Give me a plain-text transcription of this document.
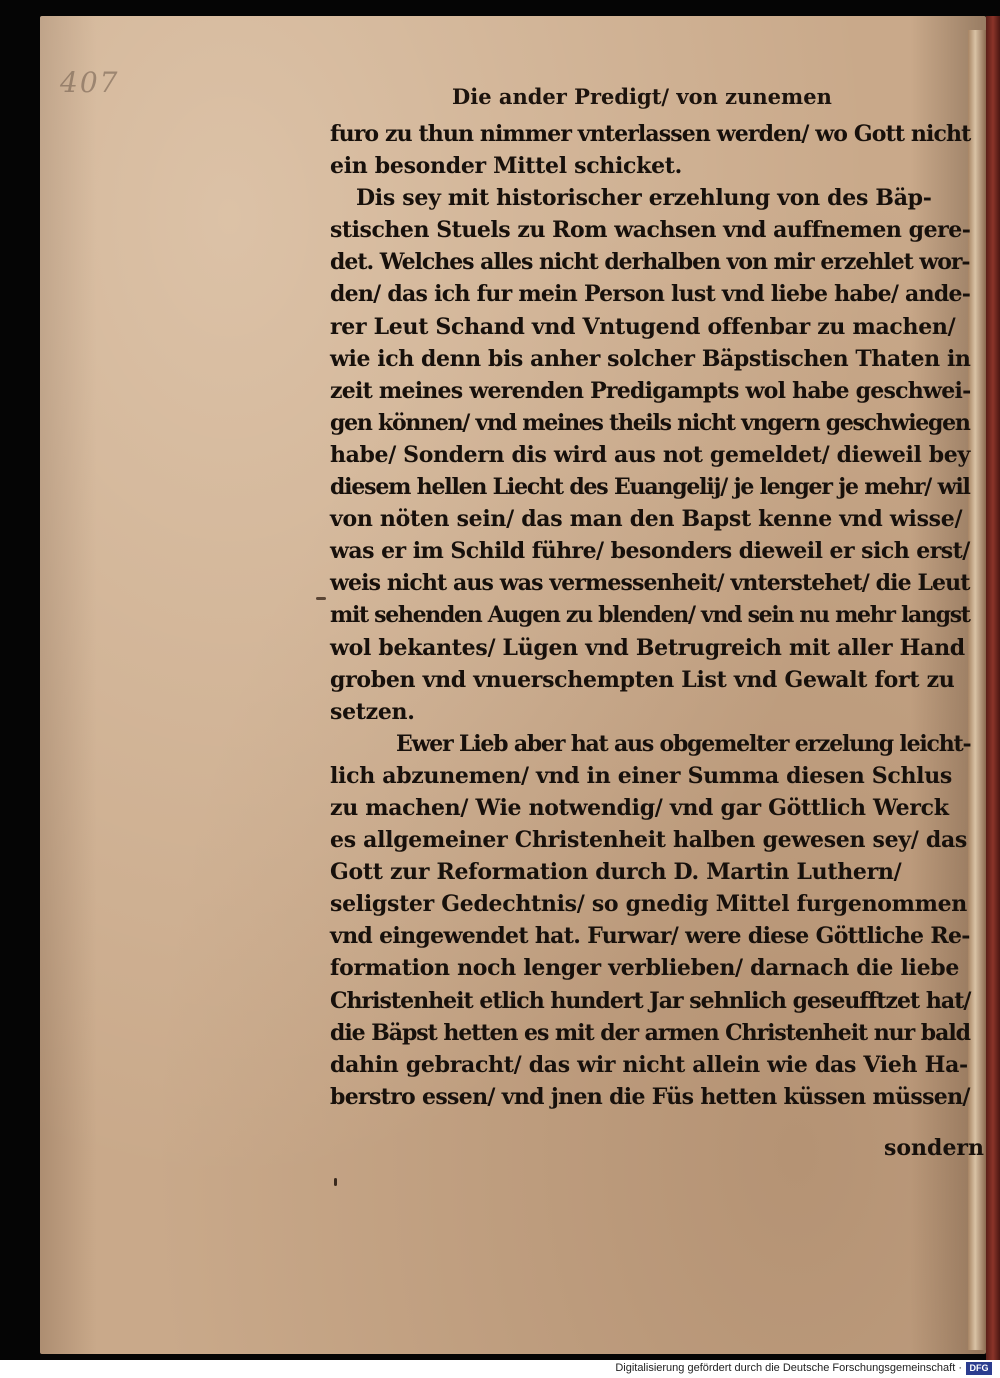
407	Die ander Predigt/ von zunemen
furo zu thun nimmer vnterlassen werden/ wo Gott nicht
ein besonder Mittel schicket.
Dis sey mit historischer erzehlung von des Bäp-
stischen Stuels zu Rom wachsen vnd auffnemen gere-
det. Welches alles nicht derhalben von mir erzehlet wor-
den/ das ich fur mein Person lust vnd liebe habe/ ande-
rer Leut Schand vnd Vntugend offenbar zu machen/
wie ich denn bis anher solcher Bäpstischen Thaten in
zeit meines werenden Predigampts wol habe geschwei-
gen können/ vnd meines theils nicht vngern geschwiegen
habe/ Sondern dis wird aus not gemeldet/ dieweil bey
diesem hellen Liecht des Euangelij/ je lenger je mehr/ wil
von nöten sein/ das man den Bapst kenne vnd wisse/
was er im Schild führe/ besonders dieweil er sich erst/
weis nicht aus was vermessenheit/ vnterstehet/ die Leut
mit sehenden Augen zu blenden/ vnd sein nu mehr langst
wol bekantes/ Lügen vnd Betrugreich mit aller Hand
groben vnd vnuerschempten List vnd Gewalt fort zu
setzen.
Ewer Lieb aber hat aus obgemelter erzelung leicht-
lich abzunemen/ vnd in einer Summa diesen Schlus
zu machen/ Wie notwendig/ vnd gar Göttlich Werck
es allgemeiner Christenheit halben gewesen sey/ das
Gott zur Reformation durch D. Martin Luthern/
seligster Gedechtnis/ so gnedig Mittel furgenommen
vnd eingewendet hat. Furwar/ were diese Göttliche Re-
formation noch lenger verblieben/ darnach die liebe
Christenheit etlich hundert Jar sehnlich geseufftzet hat/
die Bäpst hetten es mit der armen Christenheit nur bald
dahin gebracht/ das wir nicht allein wie das Vieh Ha-
berstro essen/ vnd jnen die Füs hetten küssen müssen/
sondern
Digitalisierung gefördert durch die Deutsche Forschungsgemeinschaft · DFG
